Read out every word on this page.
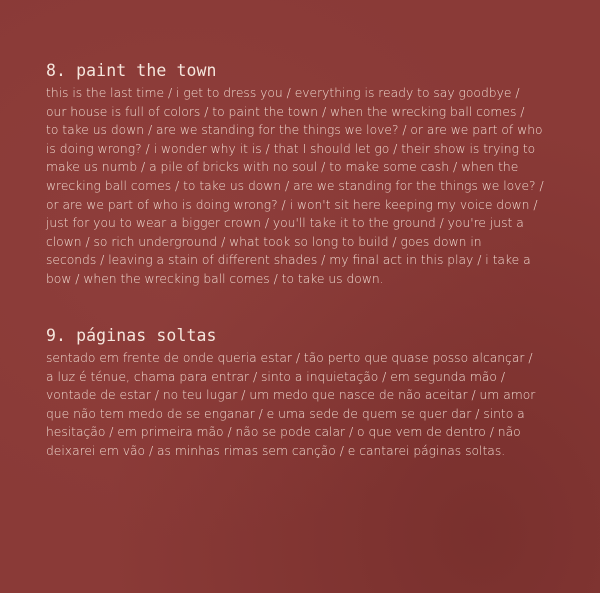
8. paint the town
this is the last time / i get to dress you / everything is ready to say goodbye /
our house is full of colors / to paint the town / when the wrecking ball comes /
to take us down / are we standing for the things we love? / or are we part of who
is doing wrong? / i wonder why it is / that I should let go / their show is trying to
make us numb / a pile of bricks with no soul / to make some cash / when the
wrecking ball comes / to take us down / are we standing for the things we love? /
or are we part of who is doing wrong? / i won't sit here keeping my voice down /
just for you to wear a bigger crown / you'll take it to the ground / you're just a
clown / so rich underground / what took so long to build / goes down in
seconds / leaving a stain of different shades / my final act in this play / i take a
bow / when the wrecking ball comes / to take us down.
9. páginas soltas
sentado em frente de onde queria estar / tão perto que quase posso alcançar /
a luz é ténue, chama para entrar / sinto a inquietação / em segunda mão /
vontade de estar / no teu lugar / um medo que nasce de não aceitar / um amor
que não tem medo de se enganar / e uma sede de quem se quer dar / sinto a
hesitação / em primeira mão / não se pode calar / o que vem de dentro / não
deixarei em vão / as minhas rimas sem canção / e cantarei páginas soltas.
